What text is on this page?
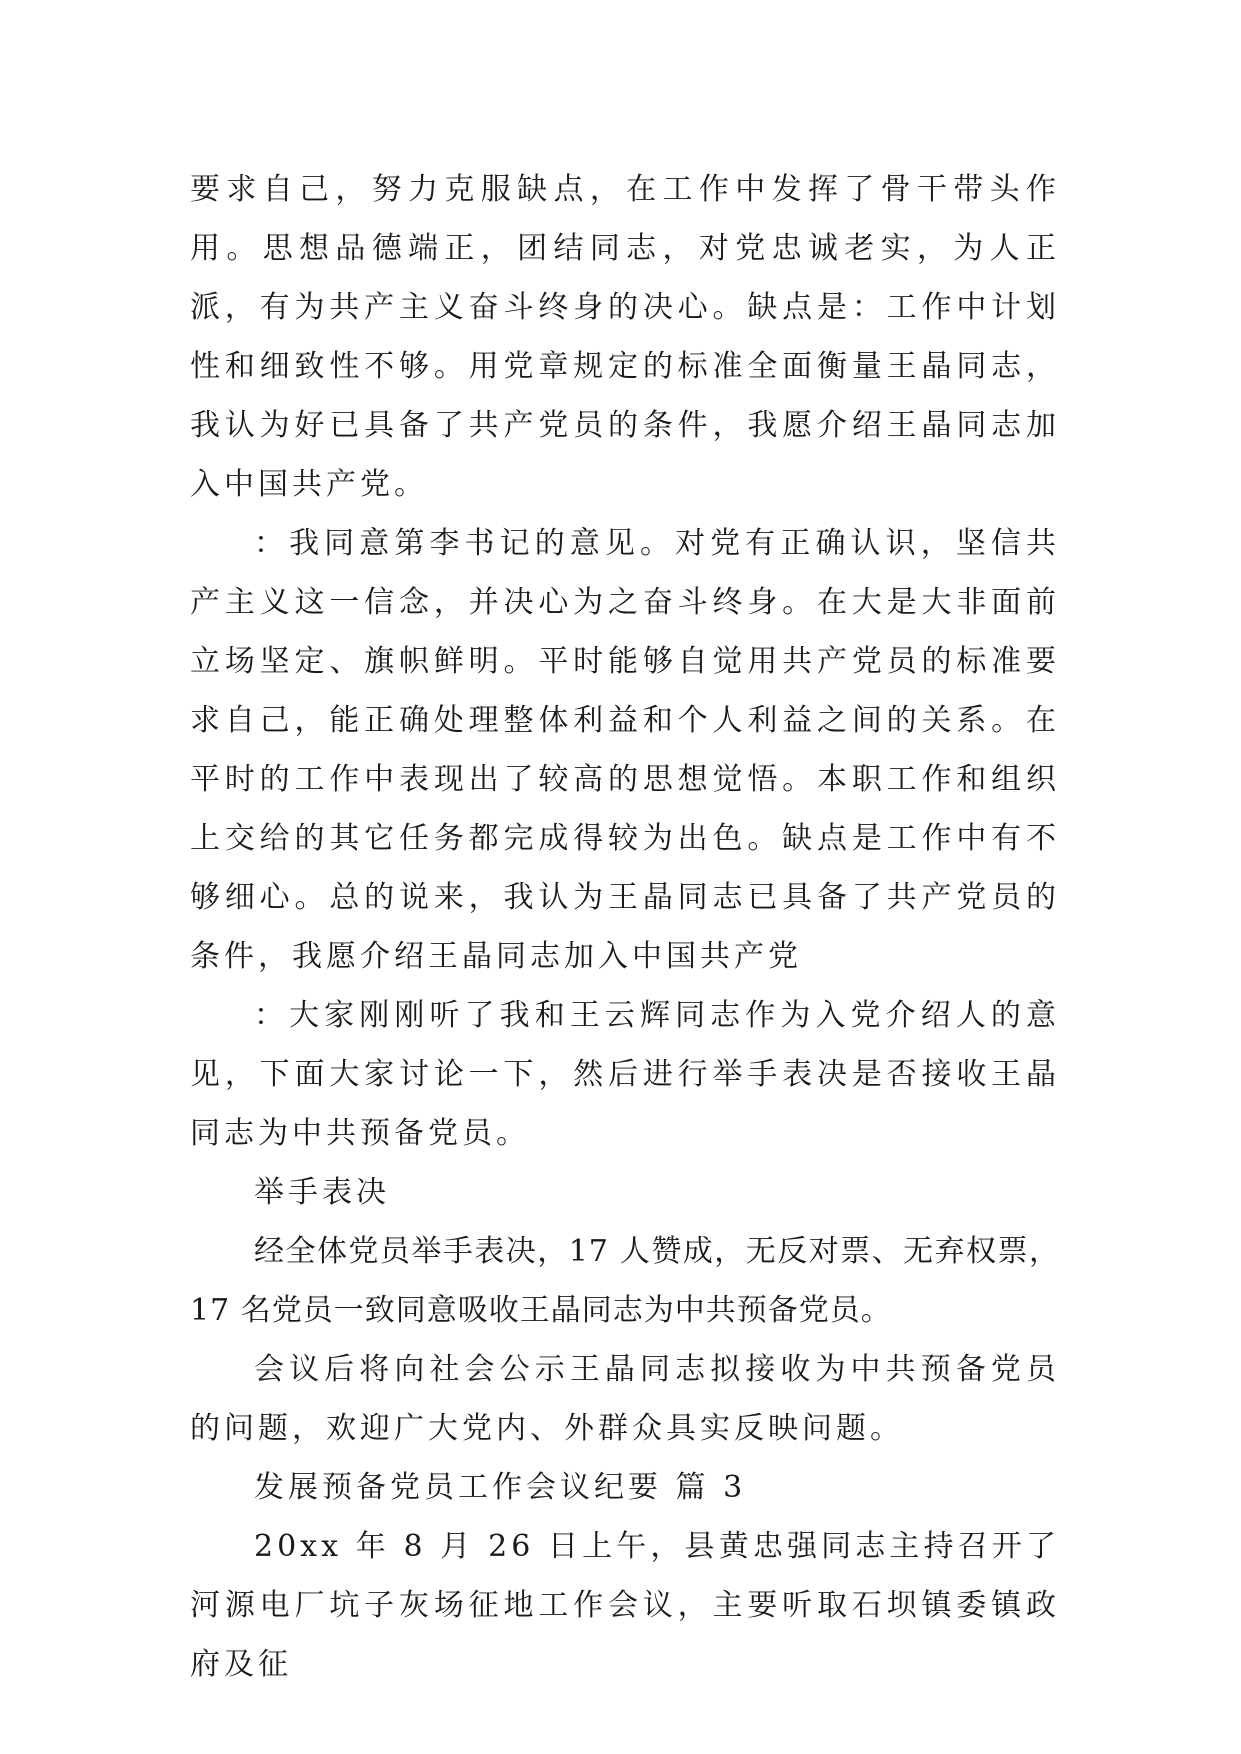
要求自己，努力克服缺点，在工作中发挥了骨干带头作用。思想品德端正，团结同志，对党忠诚老实，为人正派，有为共产主义奋斗终身的决心。缺点是：工作中计划性和细致性不够。用党章规定的标准全面衡量王晶同志，我认为好已具备了共产党员的条件，我愿介绍王晶同志加入中国共产党。

：我同意第李书记的意见。对党有正确认识，坚信共产主义这一信念，并决心为之奋斗终身。在大是大非面前立场坚定、旗帜鲜明。平时能够自觉用共产党员的标准要求自己，能正确处理整体利益和个人利益之间的关系。在平时的工作中表现出了较高的思想觉悟。本职工作和组织上交给的其它任务都完成得较为出色。缺点是工作中有不够细心。总的说来，我认为王晶同志已具备了共产党员的条件，我愿介绍王晶同志加入中国共产党

：大家刚刚听了我和王云辉同志作为入党介绍人的意见，下面大家讨论一下，然后进行举手表决是否接收王晶同志为中共预备党员。

举手表决

经全体党员举手表决，17 人赞成，无反对票、无弃权票，17 名党员一致同意吸收王晶同志为中共预备党员。

会议后将向社会公示王晶同志拟接收为中共预备党员的问题，欢迎广大党内、外群众具实反映问题。

发展预备党员工作会议纪要 篇 3

20xx 年 8 月 26 日上午，县黄忠强同志主持召开了河源电厂坑子灰场征地工作会议，主要听取石坝镇委镇政府及征
